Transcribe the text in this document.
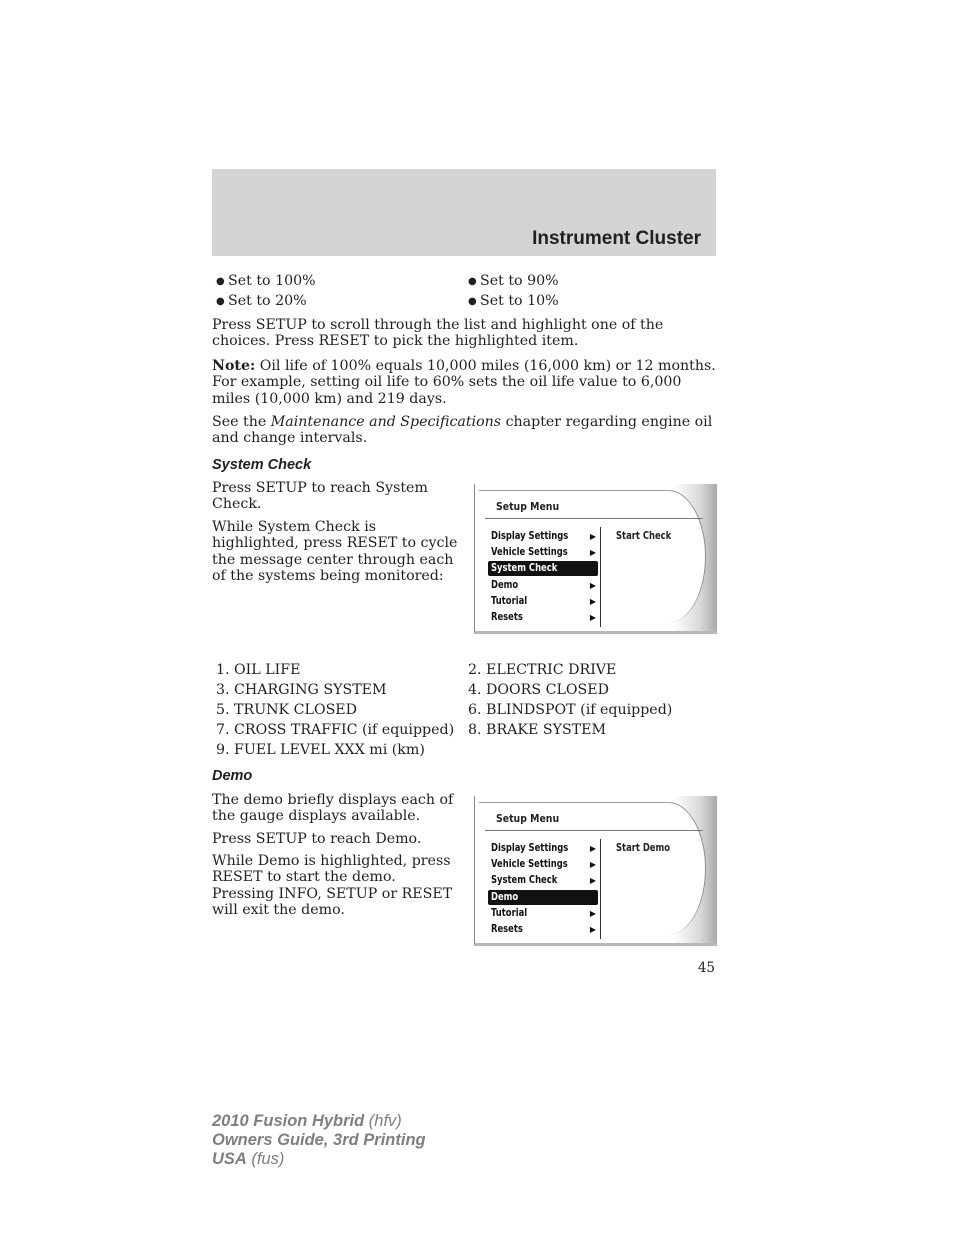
Instrument Cluster
● Set to 100%	● Set to 90%
● Set to 20%	● Set to 10%
Press SETUP to scroll through the list and highlight one of the choices. Press RESET to pick the highlighted item.
Note: Oil life of 100% equals 10,000 miles (16,000 km) or 12 months. For example, setting oil life to 60% sets the oil life value to 6,000 miles (10,000 km) and 219 days.
See the Maintenance and Specifications chapter regarding engine oil and change intervals.
System Check
Press SETUP to reach System Check.
While System Check is highlighted, press RESET to cycle the message center through each of the systems being monitored:
Setup Menu
Display Settings	▶
Vehicle Settings	▶
System Check
Demo	▶
Tutorial	▶
Resets	▶
Start Check
1. OIL LIFE	2. ELECTRIC DRIVE
3. CHARGING SYSTEM	4. DOORS CLOSED
5. TRUNK CLOSED	6. BLINDSPOT (if equipped)
7. CROSS TRAFFIC (if equipped) 8. BRAKE SYSTEM
9. FUEL LEVEL XXX mi (km)
Demo
The demo briefly displays each of the gauge displays available.
Press SETUP to reach Demo.
While Demo is highlighted, press RESET to start the demo. Pressing INFO, SETUP or RESET will exit the demo.
Setup Menu
Display Settings	▶
Vehicle Settings	▶
System Check	▶
Demo
Tutorial	▶
Resets	▶
Start Demo
45
2010 Fusion Hybrid (hfv)
Owners Guide, 3rd Printing
USA (fus)
